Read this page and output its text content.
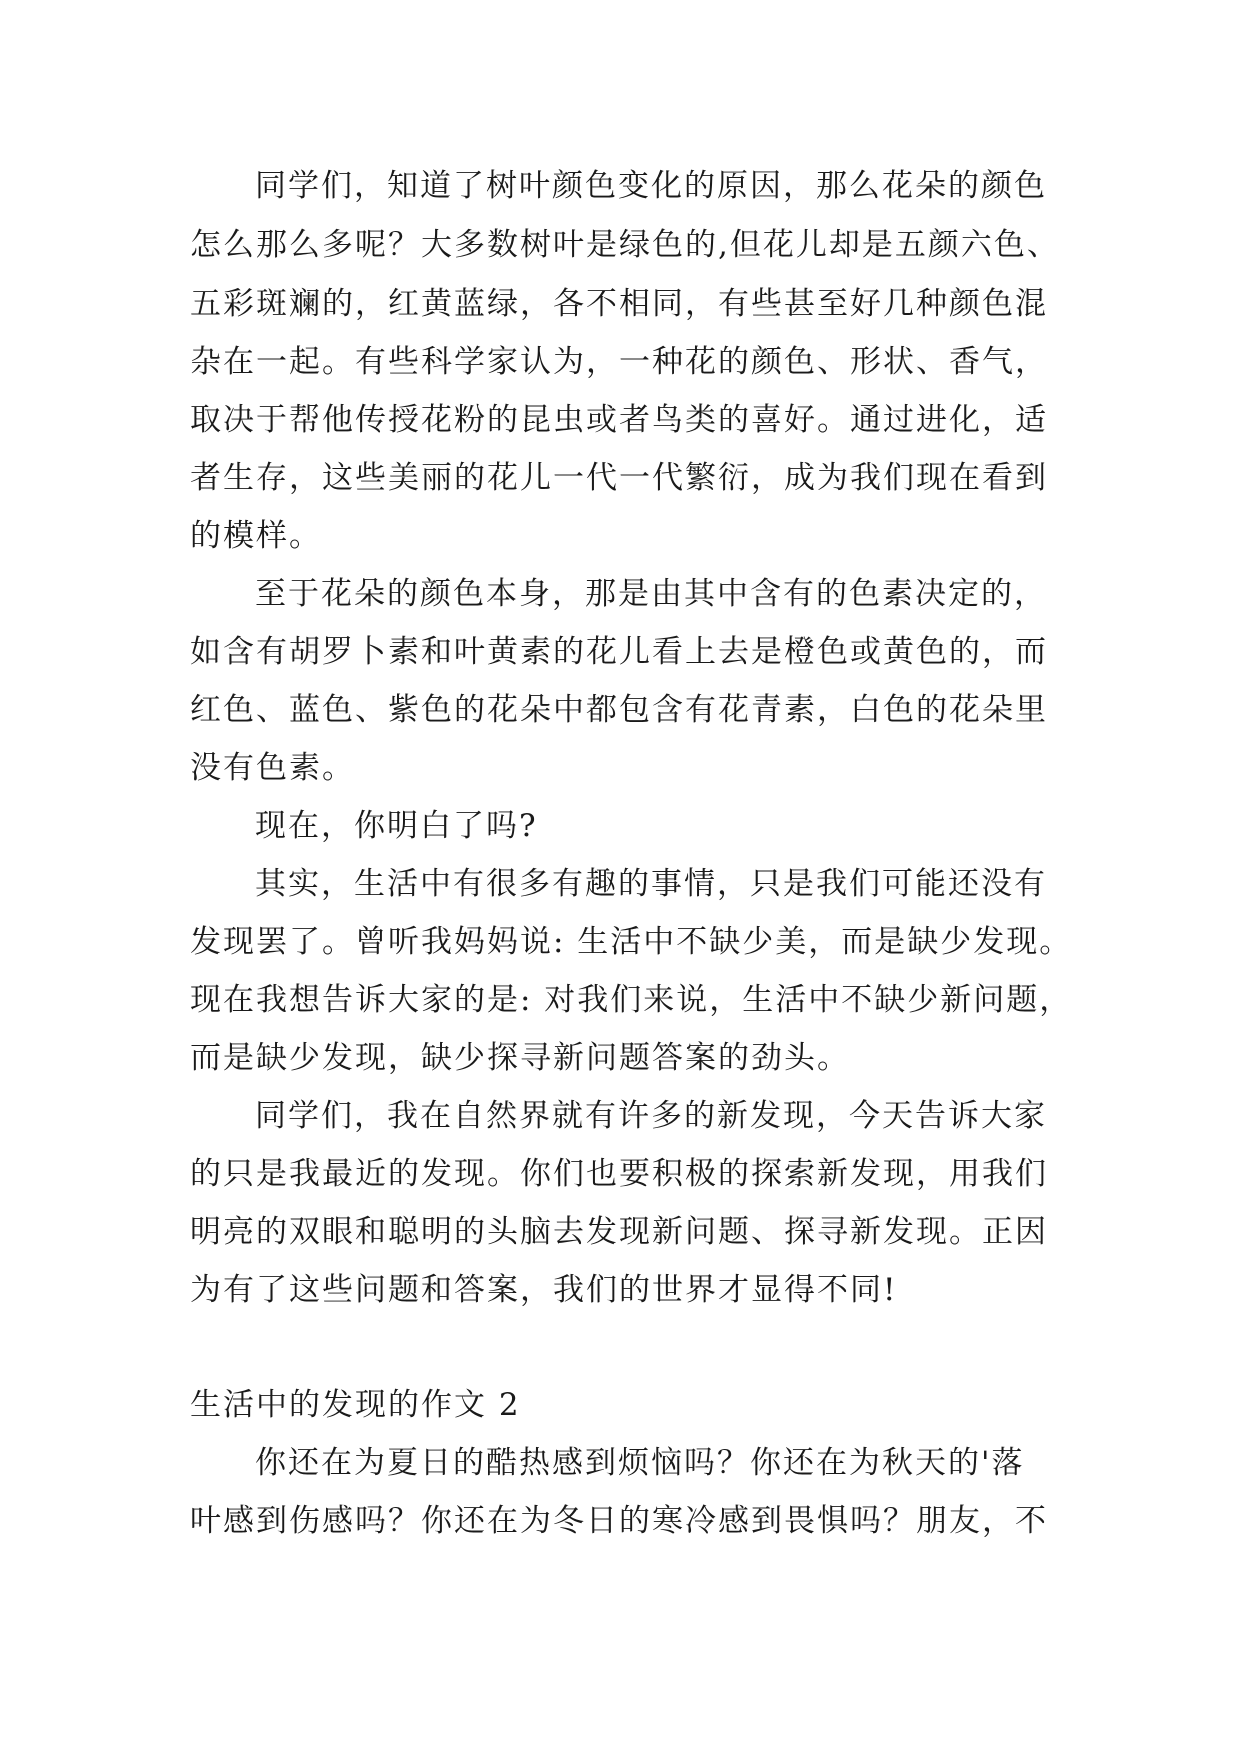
同学们，知道了树叶颜色变化的原因，那么花朵的颜色
怎么那么多呢？大多数树叶是绿色的,但花儿却是五颜六色、
五彩斑斓的，红黄蓝绿，各不相同，有些甚至好几种颜色混
杂在一起。有些科学家认为，一种花的颜色、形状、香气，
取决于帮他传授花粉的昆虫或者鸟类的喜好。通过进化，适
者生存，这些美丽的花儿一代一代繁衍，成为我们现在看到
的模样。
至于花朵的颜色本身，那是由其中含有的色素决定的，
如含有胡罗卜素和叶黄素的花儿看上去是橙色或黄色的，而
红色、蓝色、紫色的花朵中都包含有花青素，白色的花朵里
没有色素。
现在，你明白了吗?
其实，生活中有很多有趣的事情，只是我们可能还没有
发现罢了。曾听我妈妈说: 生活中不缺少美，而是缺少发现。
现在我想告诉大家的是: 对我们来说，生活中不缺少新问题，
而是缺少发现，缺少探寻新问题答案的劲头。
同学们，我在自然界就有许多的新发现，今天告诉大家
的只是我最近的发现。你们也要积极的探索新发现，用我们
明亮的双眼和聪明的头脑去发现新问题、探寻新发现。正因
为有了这些问题和答案，我们的世界才显得不同!
生活中的发现的作文 2
你还在为夏日的酷热感到烦恼吗？你还在为秋天的'落
叶感到伤感吗？你还在为冬日的寒冷感到畏惧吗？朋友，不
